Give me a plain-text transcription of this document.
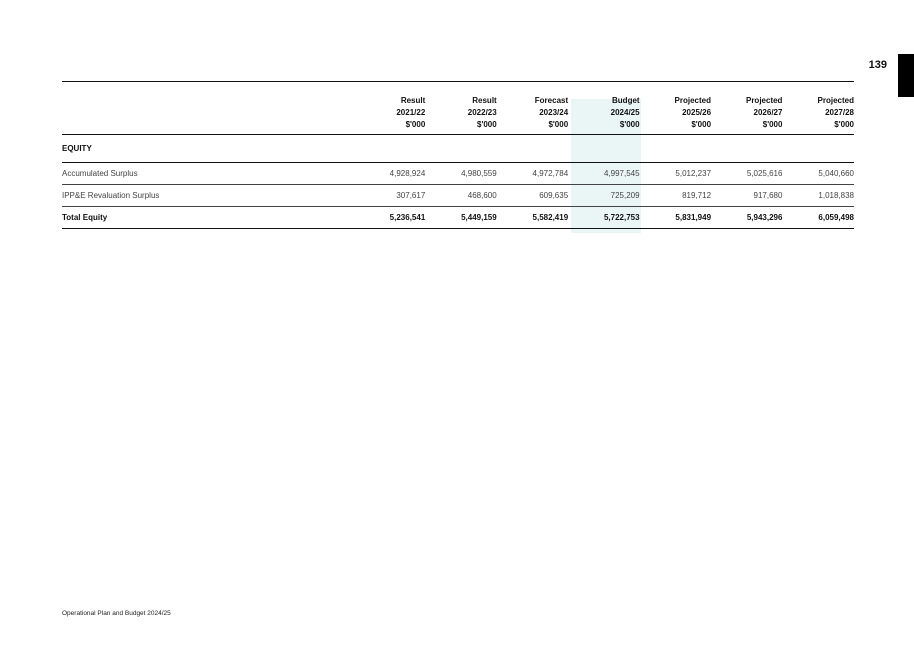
139

	Result
2021/22
$'000	Result
2022/23
$'000	Forecast
2023/24
$'000	Budget
2024/25
$'000	Projected
2025/26
$'000	Projected
2026/27
$'000	Projected
2027/28
$'000

EQUITY							
Accumulated Surplus	4,928,924	4,980,559	4,972,784	4,997,545	5,012,237	5,025,616	5,040,660
IPP&E Revaluation Surplus	307,617	468,600	609,635	725,209	819,712	917,680	1,018,838
Total Equity	5,236,541	5,449,159	5,582,419	5,722,753	5,831,949	5,943,296	6,059,498
Operational Plan and Budget 2024/25
